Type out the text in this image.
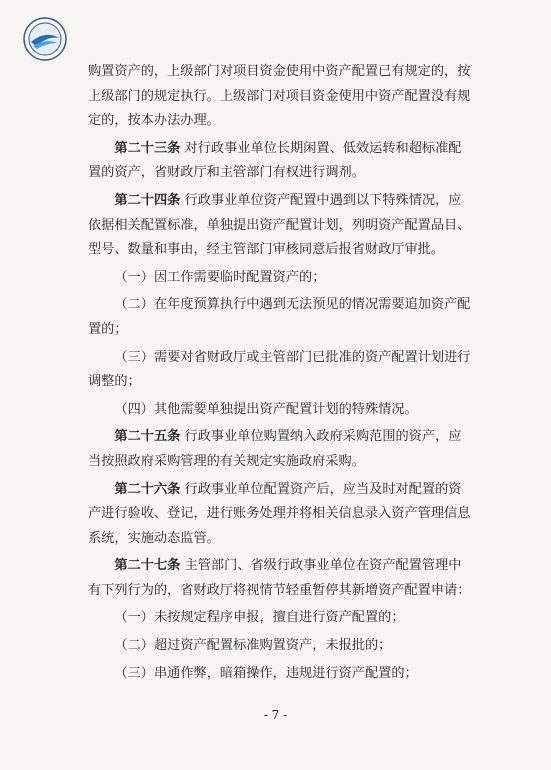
购置资产的，上级部门对项目资金使用中资产配置已有规定的，按上级部门的规定执行。上级部门对项目资金使用中资产配置没有规定的，按本办法办理。

第二十三条 对行政事业单位长期闲置、低效运转和超标准配置的资产，省财政厅和主管部门有权进行调剂。

第二十四条 行政事业单位资产配置中遇到以下特殊情况，应依据相关配置标准，单独提出资产配置计划，列明资产配置品目、型号、数量和事由，经主管部门审核同意后报省财政厅审批。

（一）因工作需要临时配置资产的；

（二）在年度预算执行中遇到无法预见的情况需要追加资产配置的；

（三）需要对省财政厅或主管部门已批准的资产配置计划进行调整的；

（四）其他需要单独提出资产配置计划的特殊情况。

第二十五条 行政事业单位购置纳入政府采购范围的资产，应当按照政府采购管理的有关规定实施政府采购。

第二十六条 行政事业单位配置资产后，应当及时对配置的资产进行验收、登记，进行账务处理并将相关信息录入资产管理信息系统，实施动态监管。

第二十七条 主管部门、省级行政事业单位在资产配置管理中有下列行为的，省财政厅将视情节轻重暂停其新增资产配置申请：

（一）未按规定程序申报，擅自进行资产配置的；

（二）超过资产配置标准购置资产，未报批的；

（三）串通作弊，暗箱操作，违规进行资产配置的；

- 7 -
